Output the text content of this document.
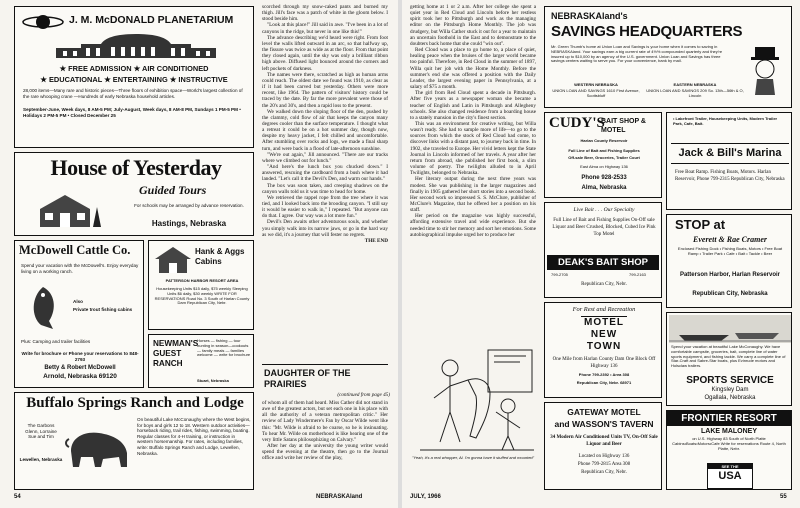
J. M. McDONALD PLANETARIUM
★ FREE ADMISSION ★ AIR CONDITIONED
★ EDUCATIONAL ★ ENTERTAINING ★ INSTRUCTIVE
28,000 items—Many rare and historic pieces—Three floors of exhibition space—World's largest collection of the rare whooping crane —Hundreds of early Nebraska household articles.
September-June, Week days, 8 AM-5 PM; July-August, Week days, 8 AM-8 PM, Sundays 1 PM-5 PM • Holidays 2 PM-5 PM • Closed December 25
House of Yesterday
Guided Tours
For schools may be arranged by advance reservation.
Hastings, Nebraska
McDowell Cattle Co.
Spend your vacation with the McDowell's. Enjoy everyday living on a working ranch.
Also
Private trout fishing cabins
Plus: Camping and trailer facilities
Write for brochure or Phone your reservations to 848-2793
Betty & Robert McDowell
Arnold, Nebraska 69120
Hank & Aggs Cabins
PATTERSON HARBOR RESORT AREA
Housekeeping Units $15 daily, $75 weekly Sleeping Units $6 daily, $30 weekly WRITE FOR RESERVATIONS Road No. 3 South of Harlan County Dam Republican City, Nebr.
NEWMAN'S GUEST RANCH
Horses — fishing — tour hunting in season—cookouts — family meals — families welcome — write for brochure
Stuart, Nebraska
Buffalo Springs Ranch and Lodge
The Garbons Glenn, Lorraine Sue and Tim
Lewellen, Nebraska
On beautiful Lake McConaughy where the West begins, for boys and girls 12 to 18. Western outdoor activities—horseback riding, trail rides, fishing, swimming, boating. Regular classes for 4-H training, or instruction in western horsemanship. For rates, including families, write: Buffalo Springs Ranch and Lodge, Lewellen, Nebraska.
54	NEBRASKAland

scorched through my snow-caked pants and burned my thigh. Jill's face was a patch of white in the gloom below. I stood beside him.

"Look at this place!" Jill said in awe. "I've been in a lot of canyons in the ridge, but never in one like this!"

The advance describing we'd heard were right. From foot level the walls lifted outward in an arc, so that halfway up, the fissure was twice as wide as at the floor. From that point they closed again, until the sky was only a brilliant ribbon high above. Diffused light bounced around the corners and left pockets of darkness.

The names were there, scratched as high as human arms could reach. The oldest date we found was 1910, as clear as if it had been carved but yesterday. Others were more recent, like 1964. The pattern of visitors' history could be traced by the date. By far the more prevalent were those of the 20's and 30's, and then a rapid loss to the present.

We walked down the sloping floor of the den, pushed by the clammy, cold flow of air that keeps the canyon many degrees cooler than the surface temperature. I thought what a retreat it could be on a hot summer day, though now, despite my heavy jacket, I felt chilled and uncomfortable. After stumbling over rocks and logs, we made a final sharp turn, and were back in a flood of late-afternoon sunshine.

"We're out again," Jill announced. "There are our tracks where we climbed out for lunch."

"And here's the lunch box you chucked down." I answered, rescuing the cardboard from a bush where it had landed. "Let's call it the Devil's Den, and warm our hands."

The box was soon taken, and creeping shadows on the canyon walls told us it was time to head for home.

We retrieved the rappel rope from the tree where it was tied, and I looked back into the brooding canyon. "I still say it would be easier to walk in," I repeated. "But anyone can do that. I agree. Our way was a lot more fun."

Devil's Den awaits other adventurous souls, and whether you simply walk into its narrow jaws, or go in the hard way as we did, it's a journey that will fester no regrets.

THE END

DAUGHTER OF THE PRAIRIES
(continued from page 45)

of whom all of them had heard. Miss Cather did not stand in awe of the greatest actors, but set each one in his place with all the authority of a veteran metropolitan critic." Her review of Lady Windermere's Fan by Oscar Wilde went like this: "Mr. Wilde is afraid to be coarse, so he is insinuating. To hear Mr. Wilde on motherhood is like hearing one of the very little Satans philosophizing on Calvary."

After her day at the university the young writer would spend the evening at the theatre, then go to the Journal office and write her review of the play,

getting home at 1 or 2 a.m. After her college she spent a quiet year in Red Cloud and Lincoln before her restless spirit took her to Pittsburgh and work as the managing editor on the Pittsburgh Home Monthly. The job was drudgery, but Willa Cather stuck it out for a year to maintain an uncertain foothold in the East and to demonstrate to the doubters back home that she could "win out".

Red Cloud was a place to go home to, a place of quiet, healing peace when the bruises of the larger world became too painful. Therefore, in Red Cloud in the summer of 1897, Willa quit her job with the Home Monthly. Before the summer's end she was offered a position with the Daily Leader, the largest evening paper in Pennsylvania, at a salary of $75 a month.

The girl from Red Cloud spent a decade in Pittsburgh. After five years as a newspaper woman she became a teacher of English and Latin in Pittsburgh and Allegheny schools. She also changed residence from a boarding house to a stately mansion in the city's finest section.

This was an environment for creative writing, but Willa wasn't ready. She had to sample more of life—to go to the sources from which the stock of Red Cloud had come, to discover links with a distant past, to journey back in time. In 1902, she traveled to Europe. Her vivid letters kept the State Journal in Lincoln informed of her travels. A year after her return from abroad, she published her first book, a slim volume of poetry. The twilights alluded to in April Twilights, belonged to Nebraska.

Her literary output during the next three years was modest. She was publishing in the larger magazines and finally in 1905 gathered her short stories into a second book. Her second work so impressed S. S. McClure, publisher of McClure's Magazine, that he offered her a position on his staff.

Her period on the magazine was highly successful, affording extensive travel and wide experience. But she needed time to stir her memory and sort her emotions. Some autobiographical impulse urged her to produce her

"Yeah, it's a real whopper, Al. I'm gonna have it stuffed and mounted"
NEBRASKAland's
SAVINGS HEADQUARTERS
Mr. Green Thumb's home at Union Loan and Savings is your home when it comes to saving in NEBRASKAland. Your savings earn a big current rate of 4½% compounded quarterly and they're insured up to $10,000 by an agency of the U.S. government. Union Loan and Savings has three savings centers waiting to serve you. For your convenience, bank by mail.
WESTERN NEBRASKA
UNION LOAN AND SAVINGS 1610 First Avenue, Scottsbluff
EASTERN NEBRASKA
UNION LOAN AND SAVINGS 209 So. 13th—56th & O, Lincoln
CUDY'S
BAIT SHOP & MOTEL
Harlan County Reservoir
Full Line of Bait and Fishing Supplies
Off-sale Beer, Groceries, Trailer Court
East Alma on Highway 136
Phone 928-2533
Alma, Nebraska
Live Bait . . . Our Specialty
Full Line of Bait and Fishing Supplies On-Off sale Liquor and Beer Crushed, Blocked, Cubed Ice Pink Top Motel
DEAK'S BAIT SHOP
799-2705	799-2163
Republican City, Nebr.
For Rest and Recreation
MOTEL
NEW
TOWN
One Mile from Harlan County Dam One Block Off Highway 136
Phone 799-2392 • Area 308
Republican City, Nebr. 68971
GATEWAY MOTEL
and WASSON'S TAVERN
34 Modern Air Conditioned Units TV, On-Off Sale Liquor and Beer
Located on Highway 136
Phone 799-2815 Area 308
Republican City, Nebr.
• Lakefront Trailer, Housekeeping Units, Modern Trailer Park, Cafe, Bait.
Jack & Bill's Marina
Free Boat Ramp. Fishing Boats, Motors. Harlan Reservoir, Phone 799-2315 Republican City, Nebraska
STOP at
Everett & Rae Cramer
Enclosed Fishing Dock • Fishing Boats, Motors • Free Boat Ramp • Trailer Park • Cafe • Bait • Tackle • Beer
Patterson Harbor, Harlan Reservoir
Republican City, Nebraska
Spend your vacation at beautiful Lake McConaughy. We have comfortable campsite, groceries, bait, complete line of water sports equipment, and fishing tackle. We carry a complete line of Star-Craft and Sabre-Star boats, plus Evinrude motors and Holsclaw trailers.
SPORTS SERVICE
Kingsley Dam
Ogallala, Nebraska
FRONTIER RESORT
LAKE MALONEY
on U.S. Highway 83 South of North Platte Cabins•Boats•Motors•Cafe Write for reservations Route 4, North Platte, Nebr.
SEE THE
USA
JULY, 1966	55
